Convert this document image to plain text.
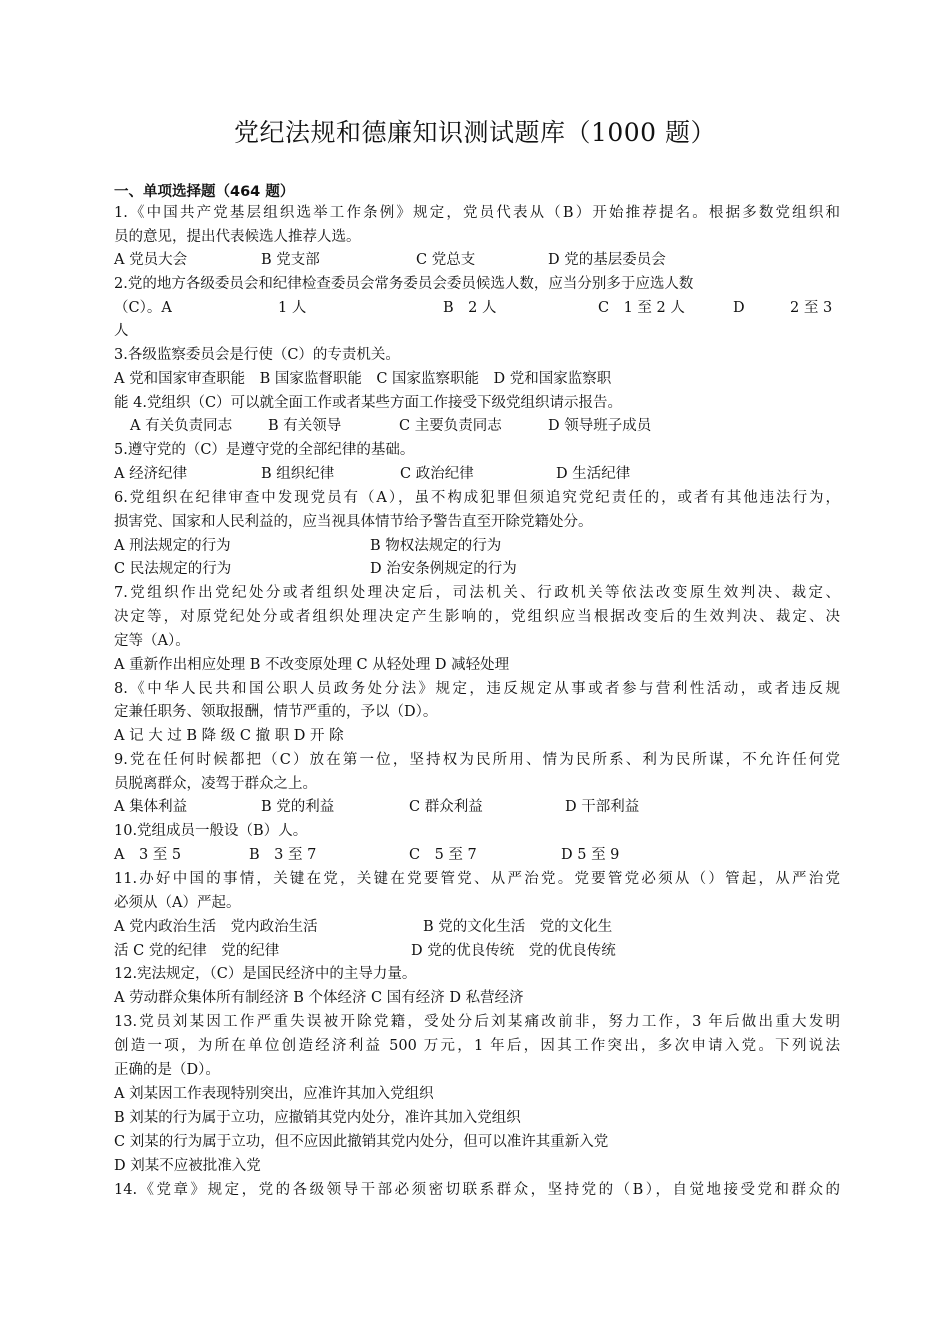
党纪法规和德廉知识测试题库（1000 题）
一、单项选择题（464 题）
1.《中国共产党基层组织选举工作条例》规定，党员代表从（B）开始推荐提名。根据多数党组织和
员的意见，提出代表候选人推荐人选。
A 党员大会	B 党支部	C 党总支	D 党的基层委员会
2.党的地方各级委员会和纪律检查委员会常务委员会委员候选人数，应当分别多于应选人数
（C）。A	1 人	B　2 人	C　1 至 2 人	D	2 至 3
人
3.各级监察委员会是行使（C）的专责机关。
A 党和国家审查职能　B 国家监督职能　C 国家监察职能　D 党和国家监察职
能 4.党组织（C）可以就全面工作或者某些方面工作接受下级党组织请示报告。
A 有关负责同志 B 有关领导	C 主要负责同志	D 领导班子成员
5.遵守党的（C）是遵守党的全部纪律的基础。
A 经济纪律	B 组织纪律	C 政治纪律	D 生活纪律
6.党组织在纪律审查中发现党员有（A），虽不构成犯罪但须追究党纪责任的，或者有其他违法行为，
损害党、国家和人民利益的，应当视具体情节给予警告直至开除党籍处分。
A 刑法规定的行为	B 物权法规定的行为
C 民法规定的行为	D 治安条例规定的行为
7.党组织作出党纪处分或者组织处理决定后，司法机关、行政机关等依法改变原生效判决、裁定、
决定等，对原党纪处分或者组织处理决定产生影响的，党组织应当根据改变后的生效判决、裁定、决
定等（A）。
A 重新作出相应处理 B 不改变原处理 C 从轻处理 D 减轻处理
8.《中华人民共和国公职人员政务处分法》规定，违反规定从事或者参与营利性活动，或者违反规
定兼任职务、领取报酬，情节严重的，予以（D）。
A 记 大 过 B 降 级 C 撤 职 D 开 除
9.党在任何时候都把（C）放在第一位，坚持权为民所用、情为民所系、利为民所谋，不允许任何党
员脱离群众，凌驾于群众之上。
A 集体利益	B 党的利益	C 群众利益	D 干部利益
10.党组成员一般设（B）人。
A　3 至 5	B　3 至 7	C　5 至 7	D 5 至 9
11.办好中国的事情，关键在党，关键在党要管党、从严治党。党要管党必须从（）管起，从严治党
必须从（A）严起。
A 党内政治生活　党内政治生活	B 党的文化生活　党的文化生
活 C 党的纪律　党的纪律	D 党的优良传统　党的优良传统
12.宪法规定，（C）是国民经济中的主导力量。
A 劳动群众集体所有制经济 B 个体经济 C 国有经济 D 私营经济
13.党员刘某因工作严重失误被开除党籍，受处分后刘某痛改前非，努力工作，3 年后做出重大发明
创造一项，为所在单位创造经济利益 500 万元，1 年后，因其工作突出，多次申请入党。下列说法
正确的是（D）。
A 刘某因工作表现特别突出，应准许其加入党组织
B 刘某的行为属于立功，应撤销其党内处分，准许其加入党组织
C 刘某的行为属于立功，但不应因此撤销其党内处分，但可以准许其重新入党
D 刘某不应被批准入党
14.《党章》规定，党的各级领导干部必须密切联系群众，坚持党的（B），自觉地接受党和群众的
